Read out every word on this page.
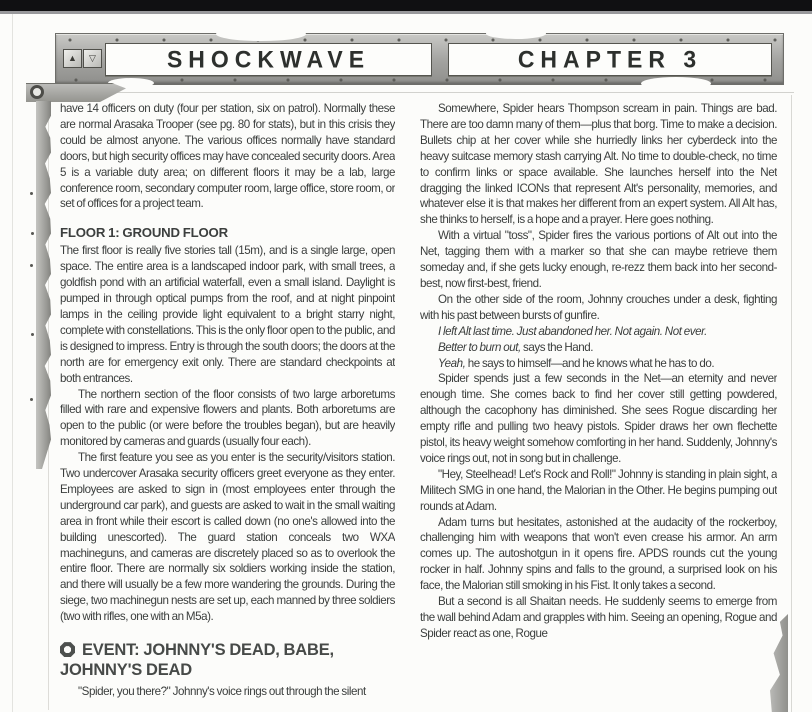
▲	▽	SHOCKWAVE	CHAPTER 3

have 14 officers on duty (four per station, six on patrol). Normally these are normal Arasaka Trooper (see pg. 80 for stats), but in this crisis they could be almost anyone. The various offices normally have standard doors, but high security offices may have concealed security doors. Area 5 is a variable duty area; on different floors it may be a lab, large conference room, secondary computer room, large office, store room, or set of offices for a project team.

FLOOR 1: GROUND FLOOR

The first floor is really five stories tall (15m), and is a single large, open space. The entire area is a landscaped indoor park, with small trees, a goldfish pond with an artificial waterfall, even a small island. Daylight is pumped in through optical pumps from the roof, and at night pinpoint lamps in the ceiling provide light equivalent to a bright starry night, complete with constellations. This is the only floor open to the public, and is designed to impress. Entry is through the south doors; the doors at the north are for emergency exit only. There are standard checkpoints at both entrances.

The northern section of the floor consists of two large arboretums filled with rare and expensive flowers and plants. Both arboretums are open to the public (or were before the troubles began), but are heavily monitored by cameras and guards (usually four each).

The first feature you see as you enter is the security/visitors station. Two undercover Arasaka security officers greet everyone as they enter. Employees are asked to sign in (most employees enter through the underground car park), and guests are asked to wait in the small waiting area in front while their escort is called down (no one's allowed into the building unescorted). The guard station conceals two WXA machineguns, and cameras are discretely placed so as to overlook the entire floor. There are normally six soldiers working inside the station, and there will usually be a few more wandering the grounds. During the siege, two machinegun nests are set up, each manned by three soldiers (two with rifles, one with an M5a).

EVENT: JOHNNY'S DEAD, BABE, JOHNNY'S DEAD

"Spider, you there?" Johnny's voice rings out through the silent

Somewhere, Spider hears Thompson scream in pain. Things are bad. There are too damn many of them—plus that borg. Time to make a decision. Bullets chip at her cover while she hurriedly links her cyberdeck into the heavy suitcase memory stash carrying Alt. No time to double-check, no time to confirm links or space available. She launches herself into the Net dragging the linked ICONs that represent Alt's personality, memories, and whatever else it is that makes her different from an expert system. All Alt has, she thinks to herself, is a hope and a prayer. Here goes nothing.

With a virtual "toss", Spider fires the various portions of Alt out into the Net, tagging them with a marker so that she can maybe retrieve them someday and, if she gets lucky enough, re-rezz them back into her second-best, now first-best, friend.

On the other side of the room, Johnny crouches under a desk, fighting with his past between bursts of gunfire.

I left Alt last time. Just abandoned her. Not again. Not ever.

Better to burn out, says the Hand.

Yeah, he says to himself—and he knows what he has to do.

Spider spends just a few seconds in the Net—an eternity and never enough time. She comes back to find her cover still getting powdered, although the cacophony has diminished. She sees Rogue discarding her empty rifle and pulling two heavy pistols. Spider draws her own flechette pistol, its heavy weight somehow comforting in her hand. Suddenly, Johnny's voice rings out, not in song but in challenge.

"Hey, Steelhead! Let's Rock and Roll!" Johnny is standing in plain sight, a Militech SMG in one hand, the Malorian in the Other. He begins pumping out rounds at Adam.

Adam turns but hesitates, astonished at the audacity of the rockerboy, challenging him with weapons that won't even crease his armor. An arm comes up. The autoshotgun in it opens fire. APDS rounds cut the young rocker in half. Johnny spins and falls to the ground, a surprised look on his face, the Malorian still smoking in his Fist. It only takes a second.

But a second is all Shaitan needs. He suddenly seems to emerge from the wall behind Adam and grapples with him. Seeing an opening, Rogue and Spider react as one, Rogue
